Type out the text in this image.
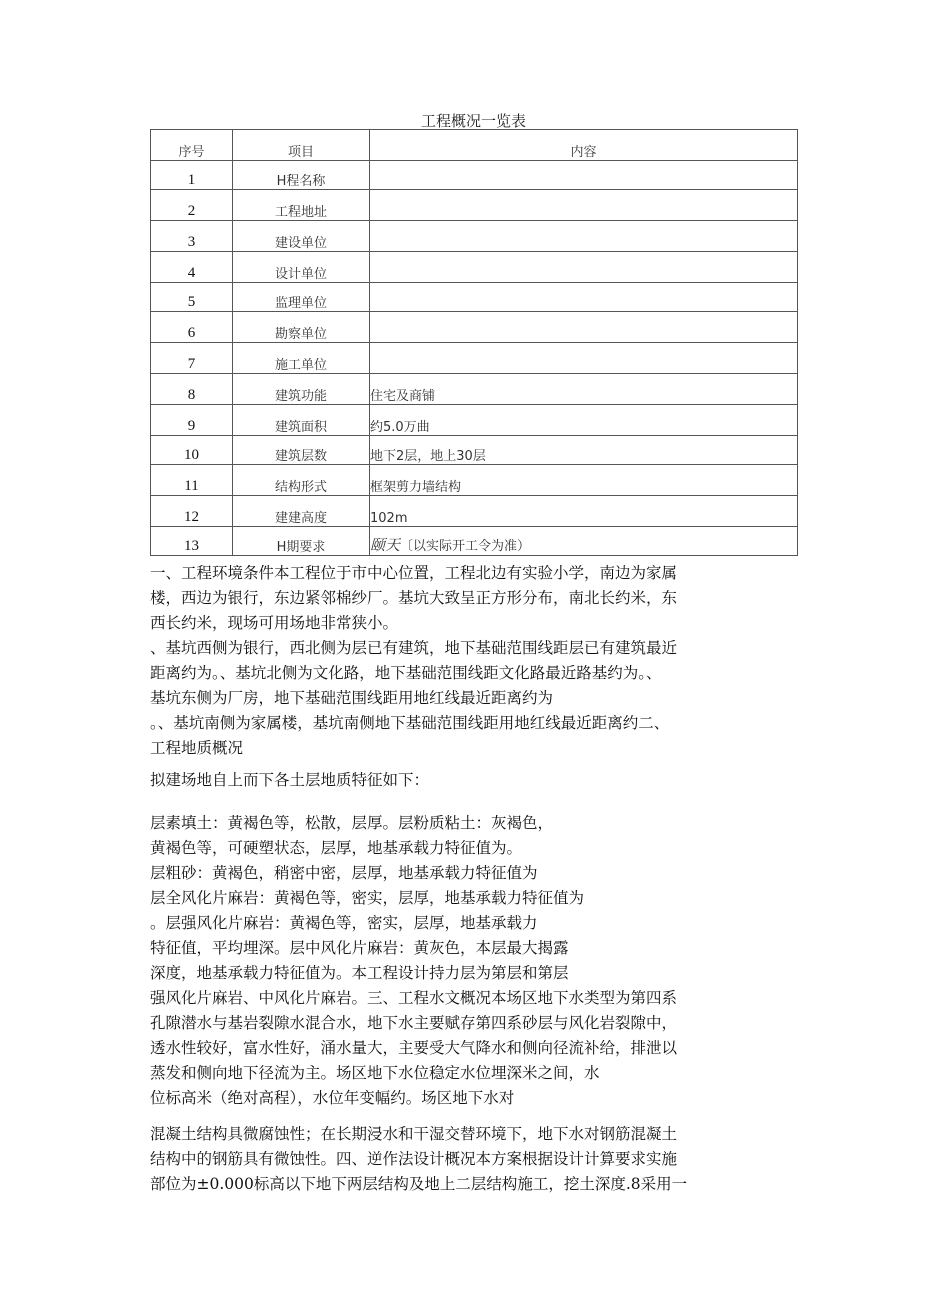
工程概况一览表
序号	项目	内容
1	H程名称	
2	工程地址	
3	建设单位	
4	设计单位	
5	监理单位	
6	勘察单位	
7	施工单位	
8	建筑功能	住宅及商铺
9	建筑面积	约5.0万曲
10	建筑层数	地下2层，地上30层
11	结构形式	框架剪力墙结构
12	建建高度	102m
13	H期要求	颐天〔以实际开工令为准）
一、工程环境条件本工程位于市中心位置，工程北边有实验小学，南边为家属
楼，西边为银行，东边紧邻棉纱厂。基坑大致呈正方形分布，南北长约米，东
西长约米，现场可用场地非常狭小。
、基坑西侧为银行，西北侧为层已有建筑，地下基础范围线距层已有建筑最近
距离约为。、基坑北侧为文化路，地下基础范围线距文化路最近路基约为。、
基坑东侧为厂房，地下基础范围线距用地红线最近距离约为
。、基坑南侧为家属楼，基坑南侧地下基础范围线距用地红线最近距离约二、
工程地质概况
拟建场地自上而下各土层地质特征如下：
层素填土：黄褐色等，松散，层厚。层粉质粘土：灰褐色，
黄褐色等，可硬塑状态，层厚，地基承载力特征值为。
层粗砂：黄褐色，稍密中密，层厚，地基承载力特征值为
层全风化片麻岩：黄褐色等，密实，层厚，地基承载力特征值为
。层强风化片麻岩：黄褐色等，密实，层厚，地基承载力
特征值，平均埋深。层中风化片麻岩：黄灰色，本层最大揭露
深度，地基承载力特征值为。本工程设计持力层为第层和第层
强风化片麻岩、中风化片麻岩。三、工程水文概况本场区地下水类型为第四系
孔隙潜水与基岩裂隙水混合水，地下水主要赋存第四系砂层与风化岩裂隙中，
透水性较好，富水性好，涌水量大，主要受大气降水和侧向径流补给，排泄以
蒸发和侧向地下径流为主。场区地下水位稳定水位埋深米之间，水
位标高米（绝对高程），水位年变幅约。场区地下水对
混凝土结构具微腐蚀性；在长期浸水和干湿交替环境下，地下水对钢筋混凝土
结构中的钢筋具有微蚀性。四、逆作法设计概况本方案根据设计计算要求实施
部位为±0.000标高以下地下两层结构及地上二层结构施工，挖土深度.8采用一
